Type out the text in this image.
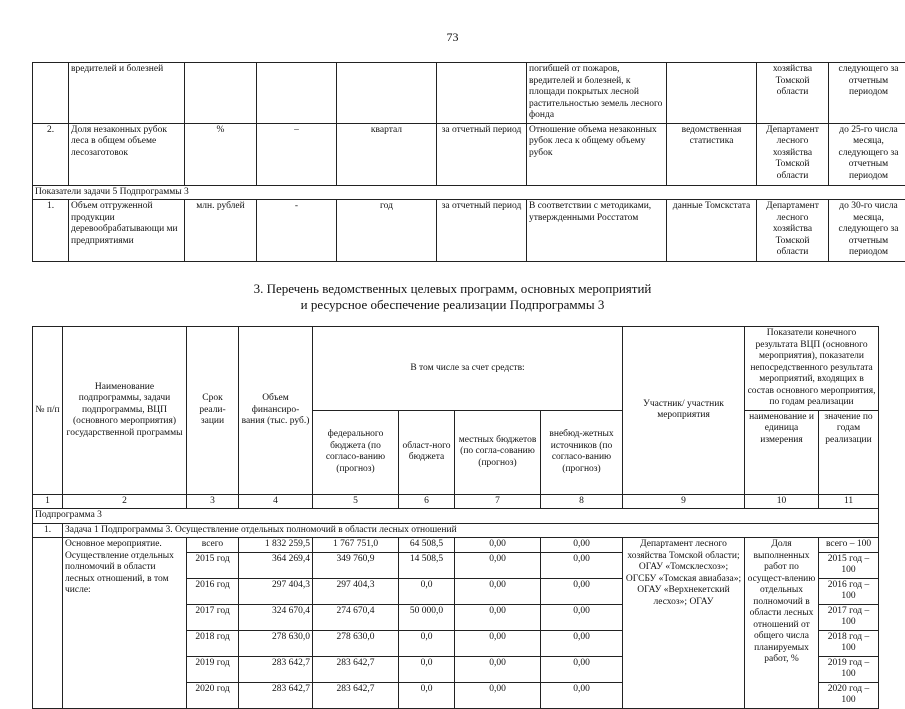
73
	вредителей и болезней					погибшей от пожаров, вредителей и болезней, к площади покрытых лесной растительностью земель лесного фонда		хозяйства Томской области	следующего за отчетным периодом
2.	Доля незаконных рубок леса в общем объеме лесозаготовок	%	–	квартал	за отчетный период	Отношение объема незаконных рубок леса к общему объему рубок	ведомственная статистика	Департамент лесного хозяйства Томской области	до 25-го числа месяца, следующего за отчетным периодом
Показатели задачи 5 Подпрограммы 3									
1.	Объем отгруженной продукции деревообрабатывающи ми предприятиями	млн. рублей	-	год	за отчетный период	В соответствии с методиками, утвержденными Росстатом	данные Томскстата	Департамент лесного хозяйства Томской области	до 30-го числа месяца, следующего за отчетным периодом
3. Перечень ведомственных целевых программ, основных мероприятий
и ресурсное обеспечение реализации Подпрограммы 3
№ п/п	Наименование подпрограммы, задачи подпрограммы, ВЦП (основного мероприятия) государственной программы	Срок реали-зации	Объем финансиро-вания (тыс. руб.)	В том числе за счет средств:				Участник/ участник мероприятия	Показатели конечного результата ВЦП (основного мероприятия), показатели непосредственного результата мероприятий, входящих в состав основного мероприятия, по годам реализации	
				федерального бюджета (по согласо-ванию (прогноз)	област-ного бюджета	местных бюджетов (по согла-сованию (прогноз)	внебюд-жетных источников (по согласо-ванию (прогноз)		наименование и единица измерения	значение по годам реализации
1	2	3	4	5	6	7	8	9	10	11
Подпрограмма 3										
1.	Задача 1 Подпрограммы 3. Осуществление отдельных полномочий в области лесных отношений									
	Основное мероприятие. Осуществление отдельных полномочий в области лесных отношений, в том числе:	всего	1 832 259,5	1 767 751,0	64 508,5	0,00	0,00	Департамент лесного хозяйства Томской области; ОГАУ «Томсклесхоз»; ОГСБУ «Томская авиабаза»; ОГАУ «Верхнекетский лесхоз»; ОГАУ	Доля выполненных работ по осущест-влению отдельных полномочий в области лесных отношений от общего числа планируемых работ, %	всего – 100
		2015 год	364 269,4	349 760,9	14 508,5	0,00	0,00			2015 год – 100
		2016 год	297 404,3	297 404,3	0,0	0,00	0,00			2016 год – 100
		2017 год	324 670,4	274 670,4	50 000,0	0,00	0,00			2017 год – 100
		2018 год	278 630,0	278 630,0	0,0	0,00	0,00			2018 год – 100
		2019 год	283 642,7	283 642,7	0,0	0,00	0,00			2019 год – 100
		2020 год	283 642,7	283 642,7	0,0	0,00	0,00			2020 год – 100
